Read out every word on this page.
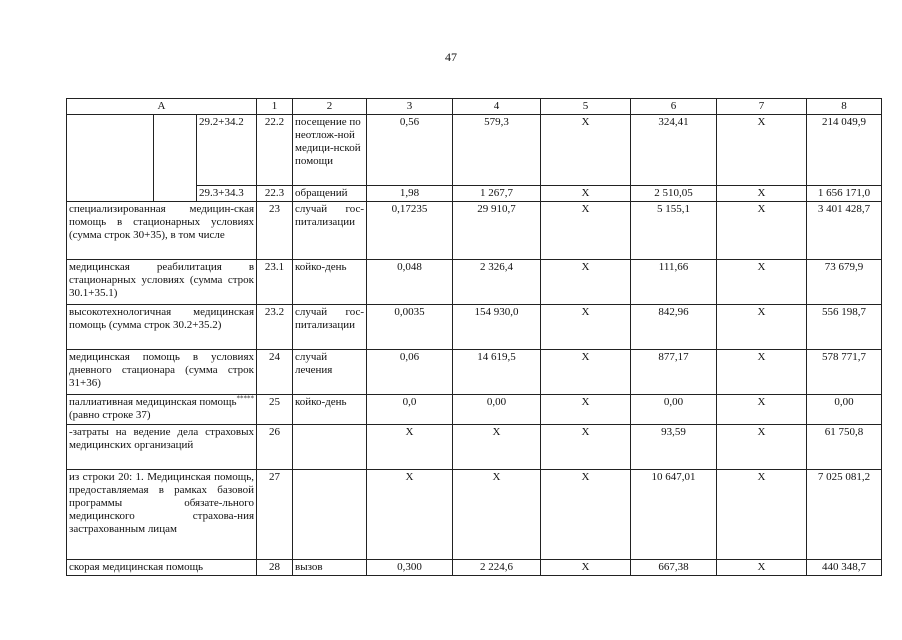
47
А			1	2	3	4	5	6	7	8	
		29.2+34.2	22.2	посещение по неотлож-ной медици-нской помощи	0,56	579,3	X	324,41	X	214 049,9	
		29.3+34.3	22.3	обращений	1,98	1 267,7	X	2 510,05	X	1 656 171,0	
специализированная медицин-ская помощь в стационарных условиях (сумма строк 30+35), в том числе			23	случай гос-питализации	0,17235	29 910,7	X	5 155,1	X	3 401 428,7	
медицинская реабилитация в стационарных условиях (сумма строк 30.1+35.1)			23.1	койко-день	0,048	2 326,4	X	111,66	X	73 679,9	
высокотехнологичная медицинская помощь (сумма строк 30.2+35.2)			23.2	случай гос-питализации	0,0035	154 930,0	X	842,96	X	556 198,7	
медицинская помощь в условиях дневного стационара (сумма строк 31+36)			24	случай лечения	0,06	14 619,5	X	877,17	X	578 771,7	
паллиативная медицинская помощь***** (равно строке 37)			25	койко-день	0,0	0,00	X	0,00	X	0,00	
-затраты на ведение дела страховых медицинских организаций			26		X	X	X	93,59	X	61 750,8	
из строки 20: 1. Медицинская помощь, предоставляемая в рамках базовой программы обязате-льного медицинского страхова-ния застрахованным лицам			27		X	X	X	10 647,01	X	7 025 081,2	
скорая медицинская помощь			28	вызов	0,300	2 224,6	X	667,38	X	440 348,7	
